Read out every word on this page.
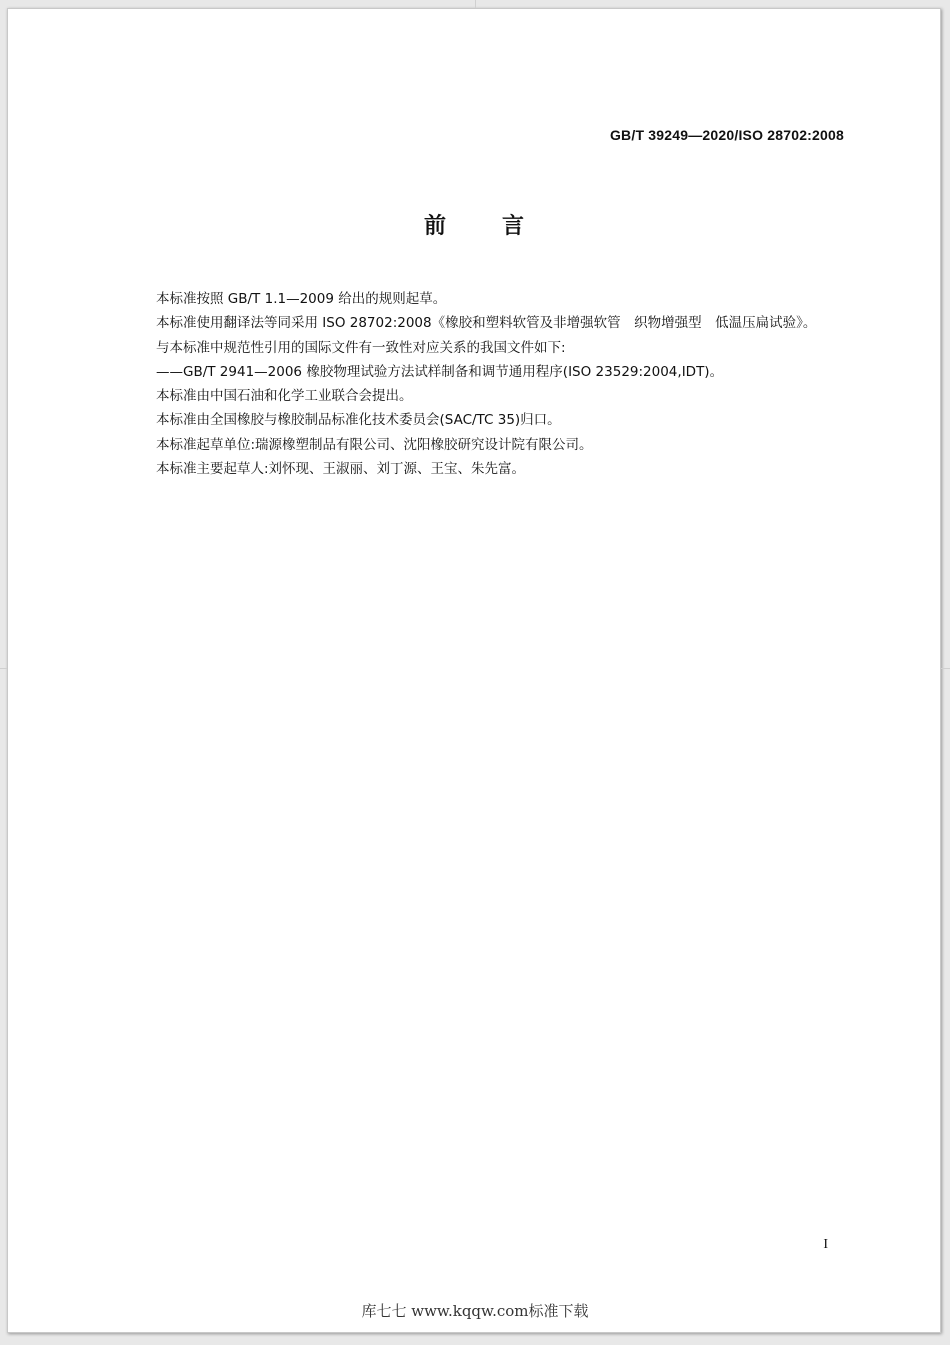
GB/T 39249—2020/ISO 28702:2008
前言

本标准按照 GB/T 1.1—2009 给出的规则起草。

本标准使用翻译法等同采用 ISO 28702:2008《橡胶和塑料软管及非增强软管　织物增强型　低温压扁试验》。

与本标准中规范性引用的国际文件有一致性对应关系的我国文件如下:

——GB/T 2941—2006 橡胶物理试验方法试样制备和调节通用程序(ISO 23529:2004,IDT)。

本标准由中国石油和化学工业联合会提出。

本标准由全国橡胶与橡胶制品标准化技术委员会(SAC/TC 35)归口。

本标准起草单位:瑞源橡塑制品有限公司、沈阳橡胶研究设计院有限公司。

本标准主要起草人:刘怀现、王淑丽、刘丁源、王宝、朱先富。

I
库七七 www.kqqw.com标准下载
